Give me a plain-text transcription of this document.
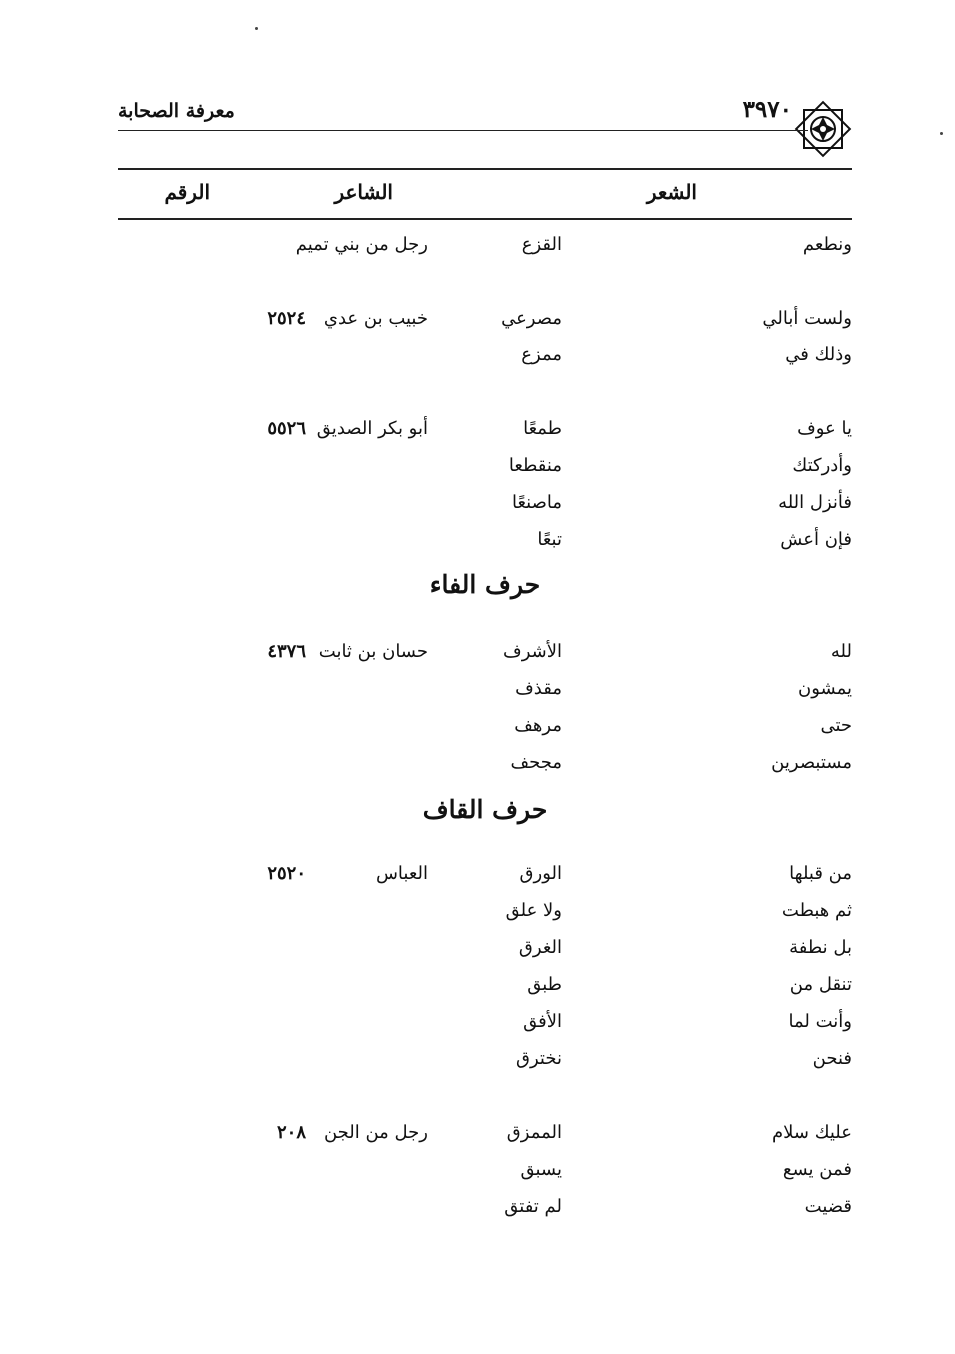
معرفة الصحابة	٣٩٧٠
الشعر
الشاعر
الرقم
ونطعم
القزع
رجل من بني تميم
ولست أبالي
مصرعي
خبيب بن عدي
٢٥٢٤
وذلك في
ممزع
يا عوف
طمعًا
أبو بكر الصديق
٥٥٢٦
وأدركتك
منقطعا
فأنزل الله
ماصنعًا
فإن أعش
تبعًا
حرف الفاء
لله
الأشرف
حسان بن ثابت
٤٣٧٦
يمشون
مقذف
حتى
مرهف
مستبصرين
مجحف
حرف القاف
من قبلها
الورق
العباس
٢٥٢٠
ثم هبطت
ولا علق
بل نطفة
الغرق
تنقل من
طبق
وأنت لما
الأفق
فنحن
نخترق
عليك سلام
الممزق
رجل من الجن
٢٠٨
فمن يسع
يسبق
قضيت
لم تفتق
